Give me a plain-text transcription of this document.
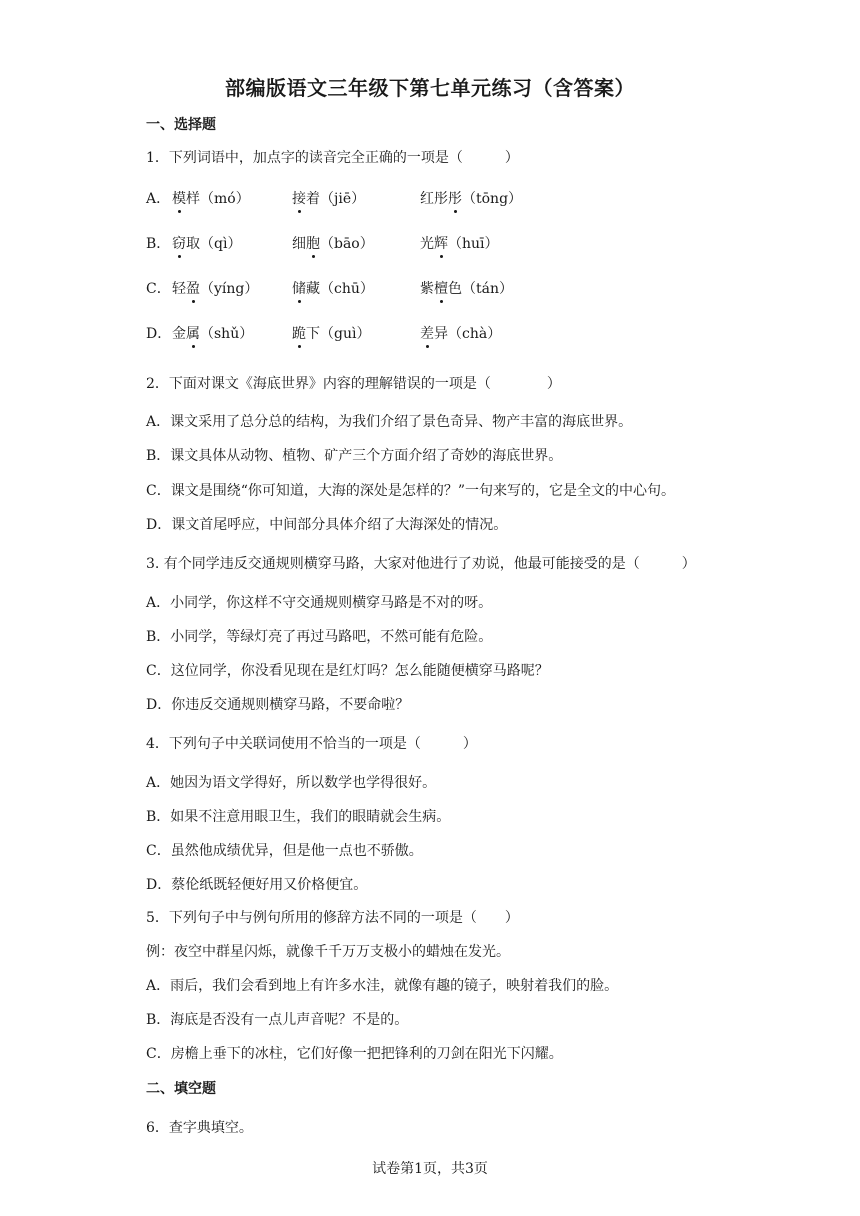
部编版语文三年级下第七单元练习（含答案）
一、选择题
1．下列词语中，加点字的读音完全正确的一项是（　　　）
A． 模样（mó）	接着（jiē）	红彤彤（tōng）
B． 窃取（qì）	细胞（bāo）	光辉（huī）
C． 轻盈（yíng） 储藏（chū）	紫檀色（tán）
D． 金属（shǔ）	跪下（guì）	差异（chà）
2．下面对课文《海底世界》内容的理解错误的一项是（　　　　）
A．课文采用了总分总的结构，为我们介绍了景色奇异、物产丰富的海底世界。
B．课文具体从动物、植物、矿产三个方面介绍了奇妙的海底世界。
C．课文是围绕“你可知道，大海的深处是怎样的？”一句来写的，它是全文的中心句。
D．课文首尾呼应，中间部分具体介绍了大海深处的情况。
3. 有个同学违反交通规则横穿马路，大家对他进行了劝说，他最可能接受的是（　　　）
A．小同学，你这样不守交通规则横穿马路是不对的呀。
B．小同学，等绿灯亮了再过马路吧，不然可能有危险。
C．这位同学，你没看见现在是红灯吗？怎么能随便横穿马路呢？
D．你违反交通规则横穿马路，不要命啦？
4．下列句子中关联词使用不恰当的一项是（　　　）
A．她因为语文学得好，所以数学也学得很好。
B．如果不注意用眼卫生，我们的眼睛就会生病。
C．虽然他成绩优异，但是他一点也不骄傲。
D．蔡伦纸既轻便好用又价格便宜。
5．下列句子中与例句所用的修辞方法不同的一项是（　　）
例：夜空中群星闪烁，就像千千万万支极小的蜡烛在发光。
A．雨后，我们会看到地上有许多水洼，就像有趣的镜子，映射着我们的脸。
B．海底是否没有一点儿声音呢？不是的。
C．房檐上垂下的冰柱，它们好像一把把锋利的刀剑在阳光下闪耀。
二、填空题
6．查字典填空。
试卷第1页，共3页
